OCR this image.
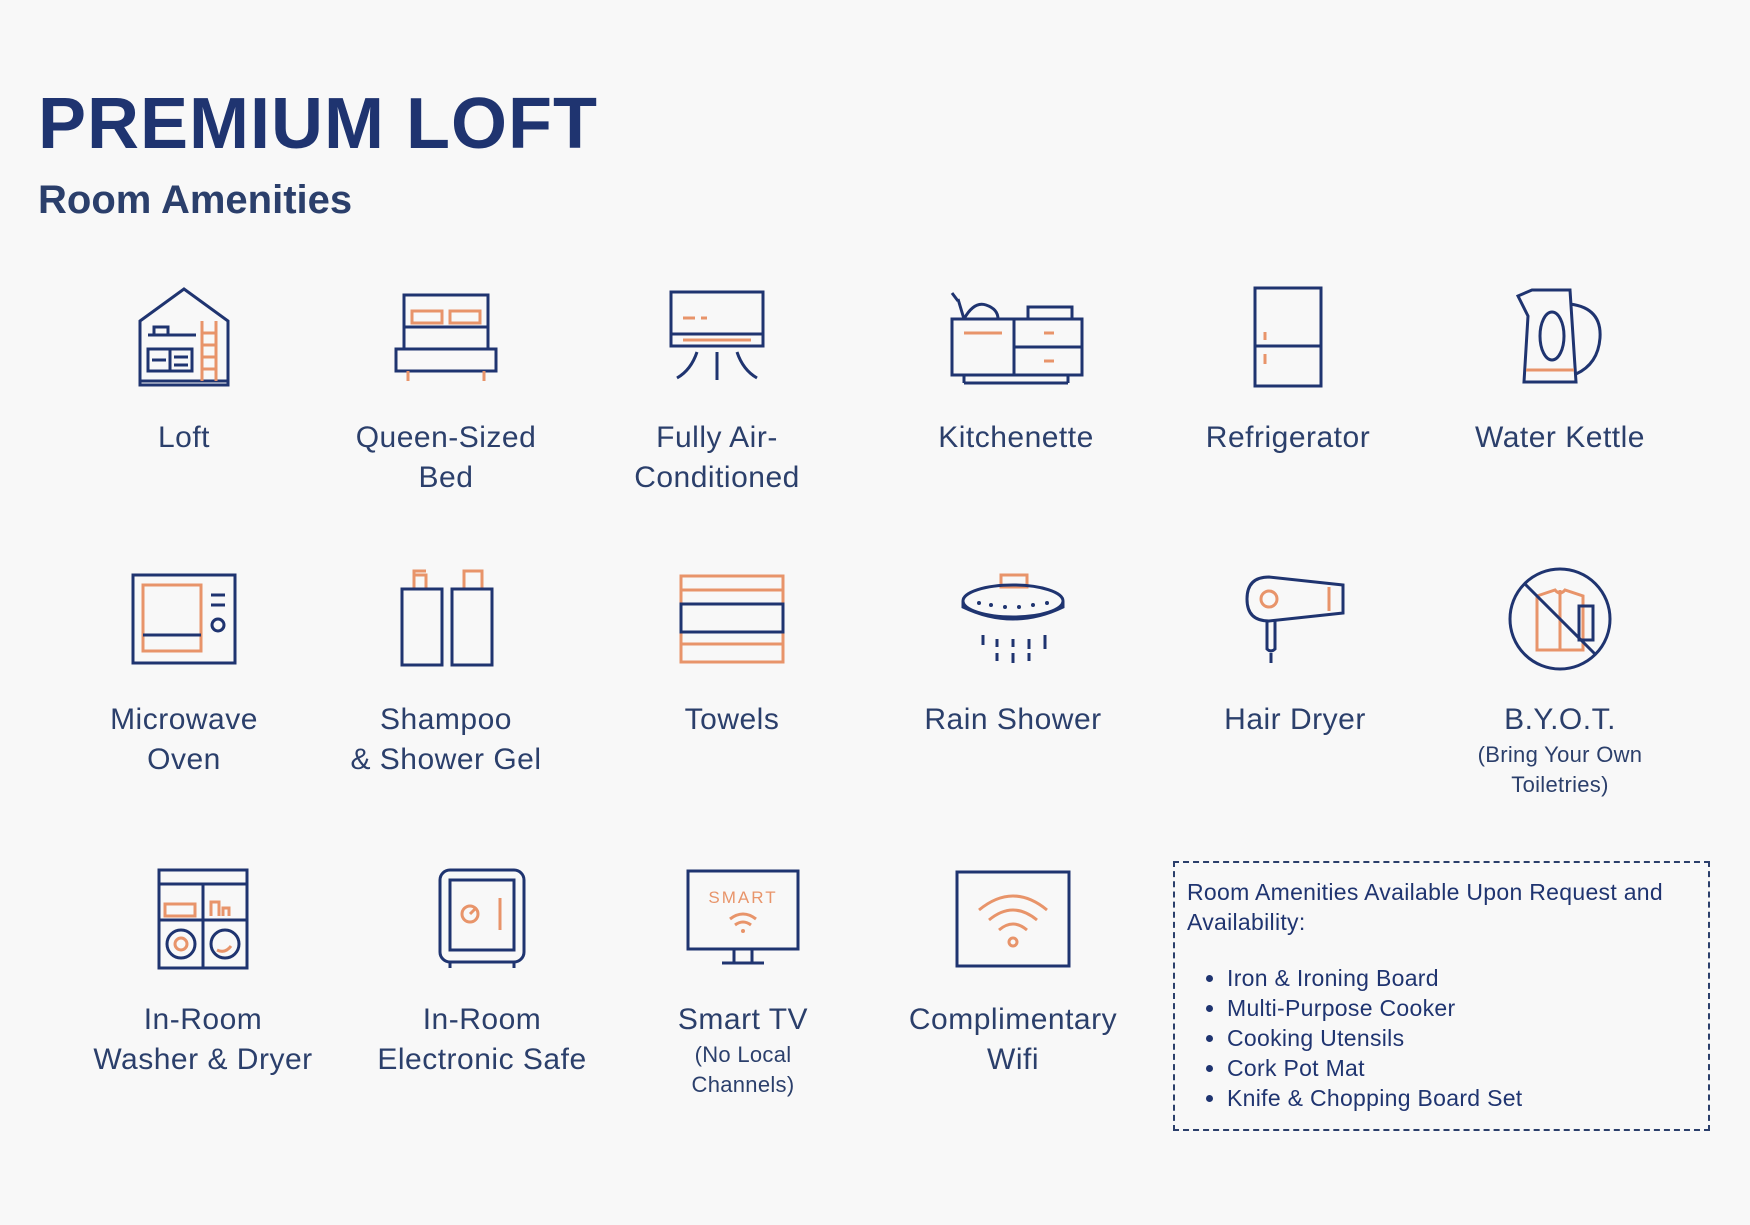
PREMIUM LOFT
Room Amenities
Loft	Queen-Sized
Bed
Fully Air-
Conditioned
Kitchenette	Refrigerator	Water Kettle
Microwave
Oven
Shampoo
& Shower Gel
Towels	Rain Shower	Hair Dryer	B.Y.O.T.
(Bring Your Own
Toiletries)
In-Room
Washer & Dryer
In-Room
Electronic Safe
SMART
Smart TV
(No Local
Channels)
Complimentary
Wifi

Room Amenities Available Upon Request and Availability:

• Iron & Ironing Board
• Multi-Purpose Cooker
• Cooking Utensils
• Cork Pot Mat
• Knife & Chopping Board Set
